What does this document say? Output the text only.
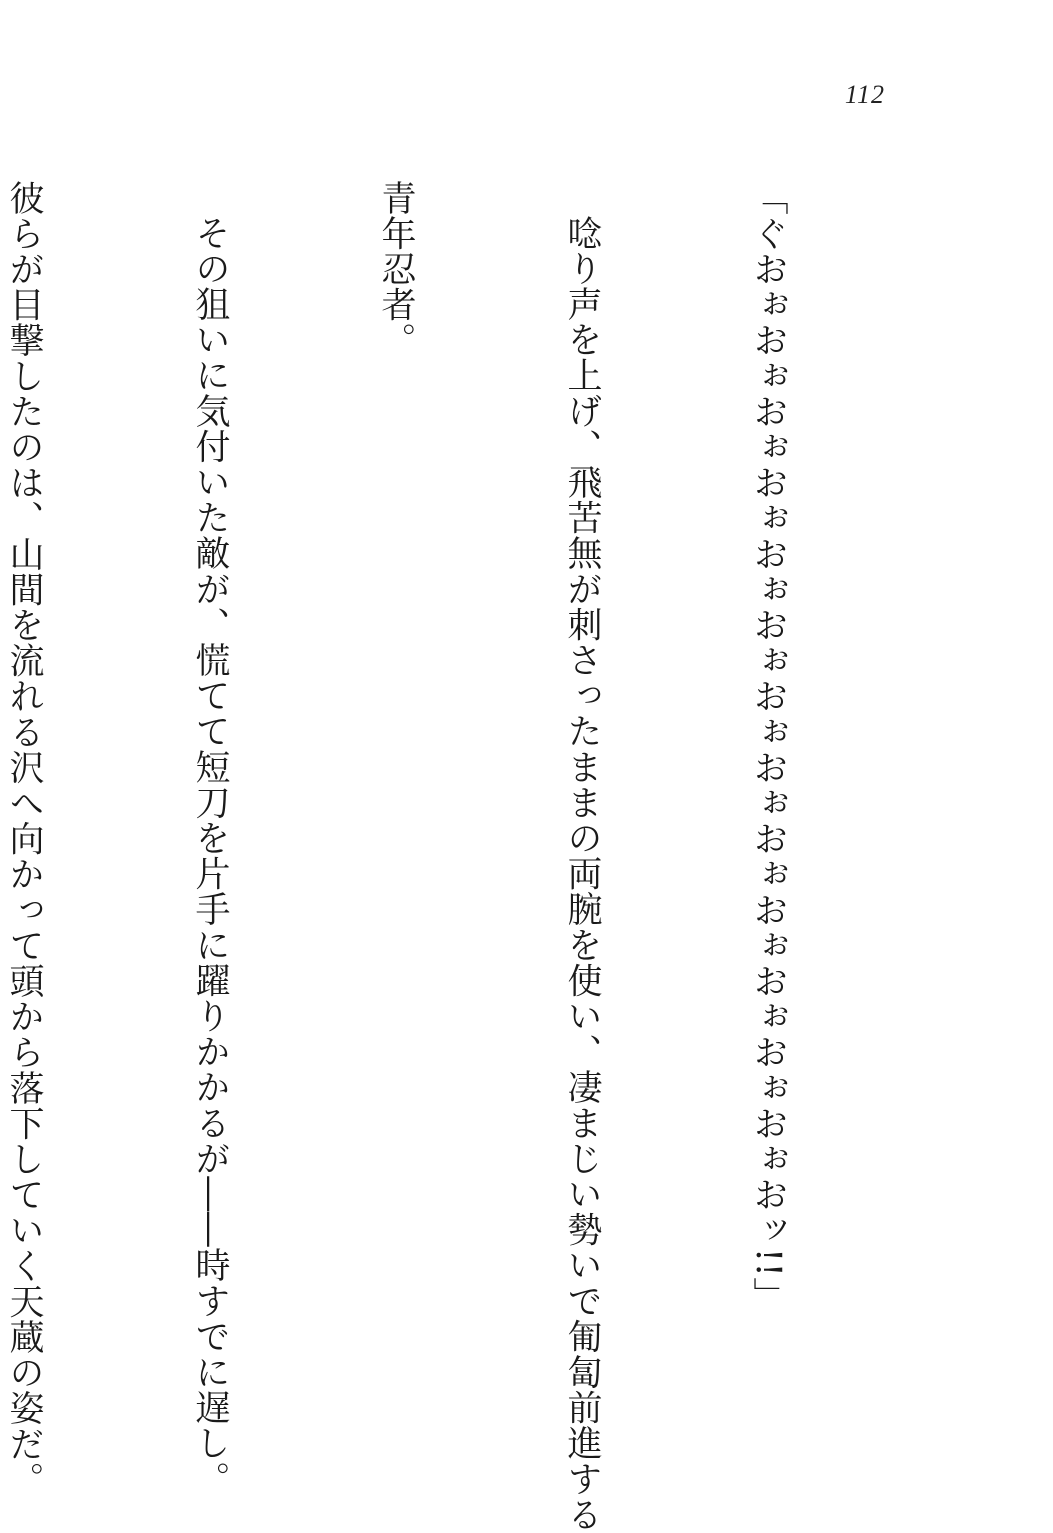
112

「ぐおぉおぉおぉおぉおぉおぉおぉおぉおぉおぉおぉおぉおぉおッ!!」

唸り声を上げ、飛苦無が刺さったままの両腕を使い、凄まじい勢いで匍匐前進する

青年忍者。

その狙いに気付いた敵が、慌てて短刀を片手に躍りかかるが――時すでに遅し。

彼らが目撃したのは、山間を流れる沢へ向かって頭から落下していく天蔵の姿だ。
